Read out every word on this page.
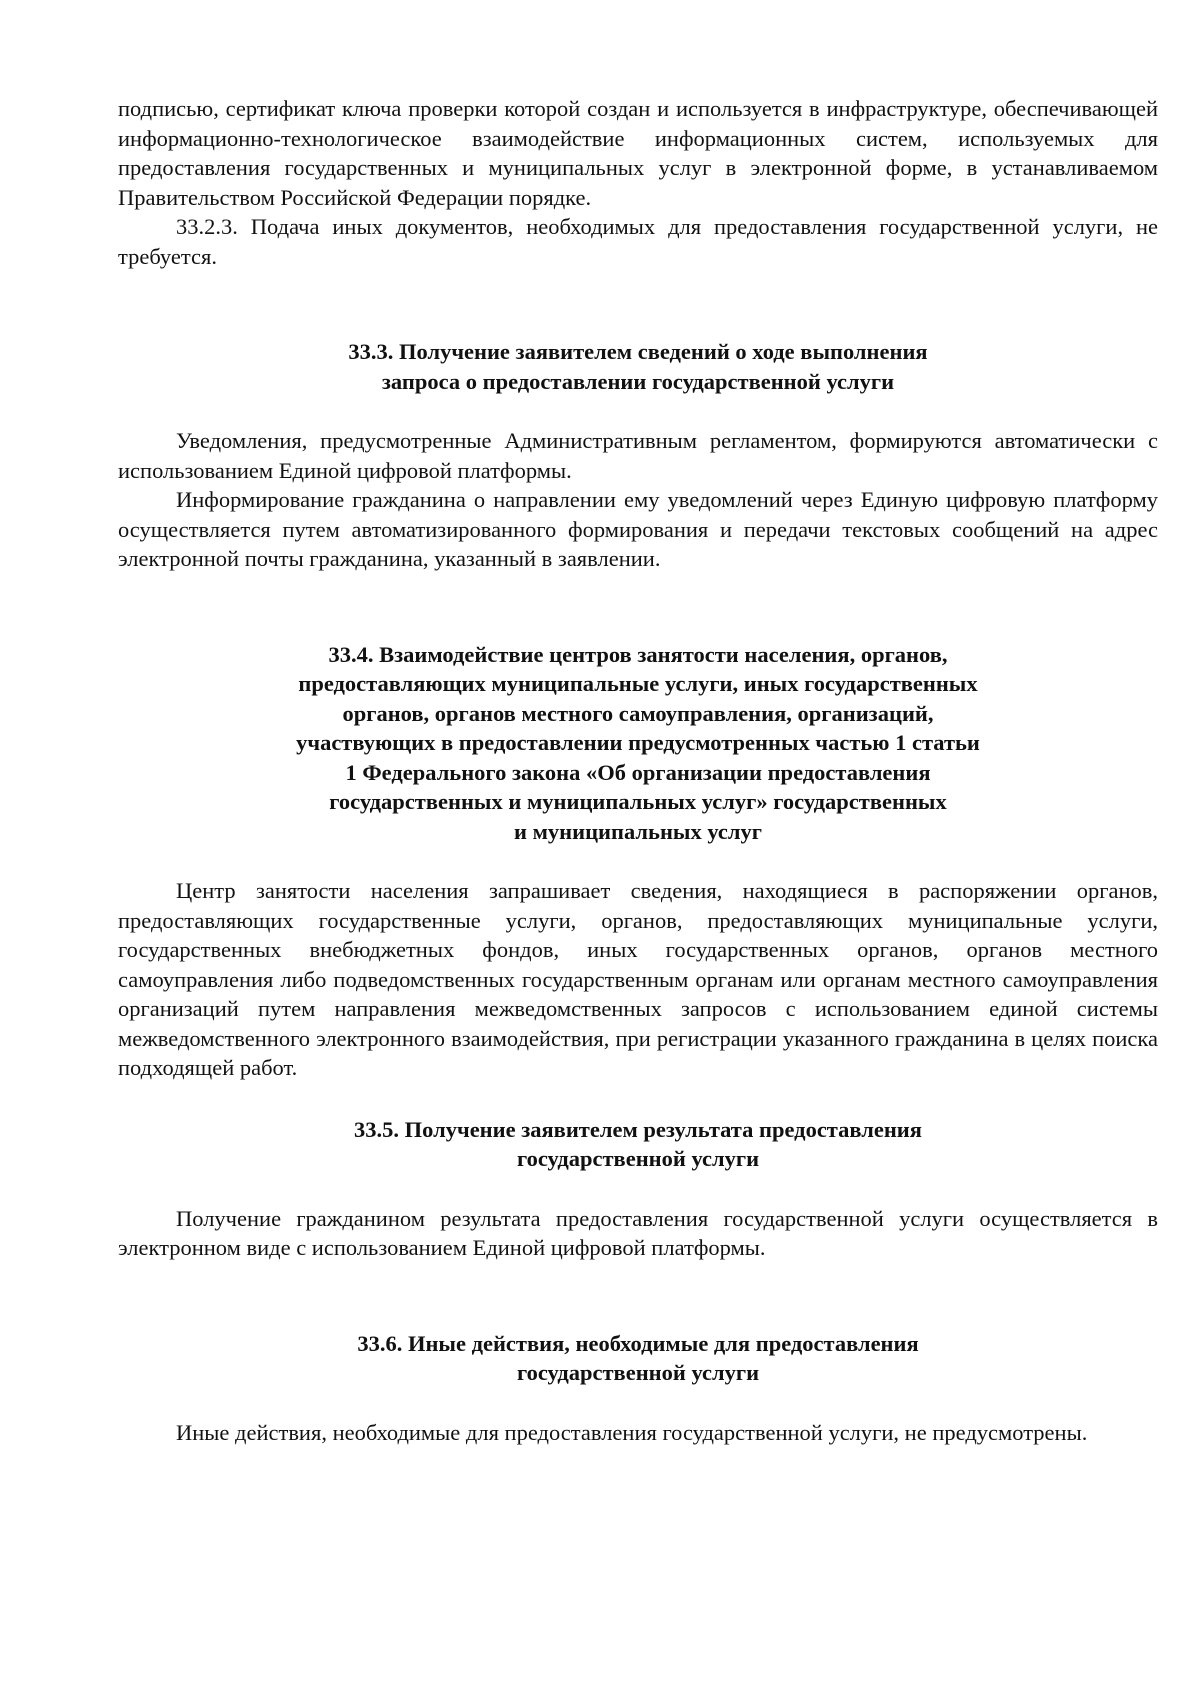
подписью, сертификат ключа проверки которой создан и используется в инфраструктуре, обеспечивающей информационно-технологическое взаимодействие информационных систем, используемых для предоставления государственных и муниципальных услуг в электронной форме, в устанавливаемом Правительством Российской Федерации порядке.

33.2.3. Подача иных документов, необходимых для предоставления государственной услуги, не требуется.

33.3. Получение заявителем сведений о ходе выполнения
запроса о предоставлении государственной услуги

Уведомления, предусмотренные Административным регламентом, формируются автоматически с использованием Единой цифровой платформы.

Информирование гражданина о направлении ему уведомлений через Единую цифровую платформу осуществляется путем автоматизированного формирования и передачи текстовых сообщений на адрес электронной почты гражданина, указанный в заявлении.

33.4. Взаимодействие центров занятости населения, органов,
предоставляющих муниципальные услуги, иных государственных
органов, органов местного самоуправления, организаций,
участвующих в предоставлении предусмотренных частью 1 статьи
1 Федерального закона «Об организации предоставления
государственных и муниципальных услуг» государственных
и муниципальных услуг

Центр занятости населения запрашивает сведения, находящиеся в распоряжении органов, предоставляющих государственные услуги, органов, предоставляющих муниципальные услуги, государственных внебюджетных фондов, иных государственных органов, органов местного самоуправления либо подведомственных государственным органам или органам местного самоуправления организаций путем направления межведомственных запросов с использованием единой системы межведомственного электронного взаимодействия, при регистрации указанного гражданина в целях поиска подходящей работ.

33.5. Получение заявителем результата предоставления
государственной услуги

Получение гражданином результата предоставления государственной услуги осуществляется в электронном виде с использованием Единой цифровой платформы.

33.6. Иные действия, необходимые для предоставления
государственной услуги

Иные действия, необходимые для предоставления государственной услуги, не предусмотрены.
